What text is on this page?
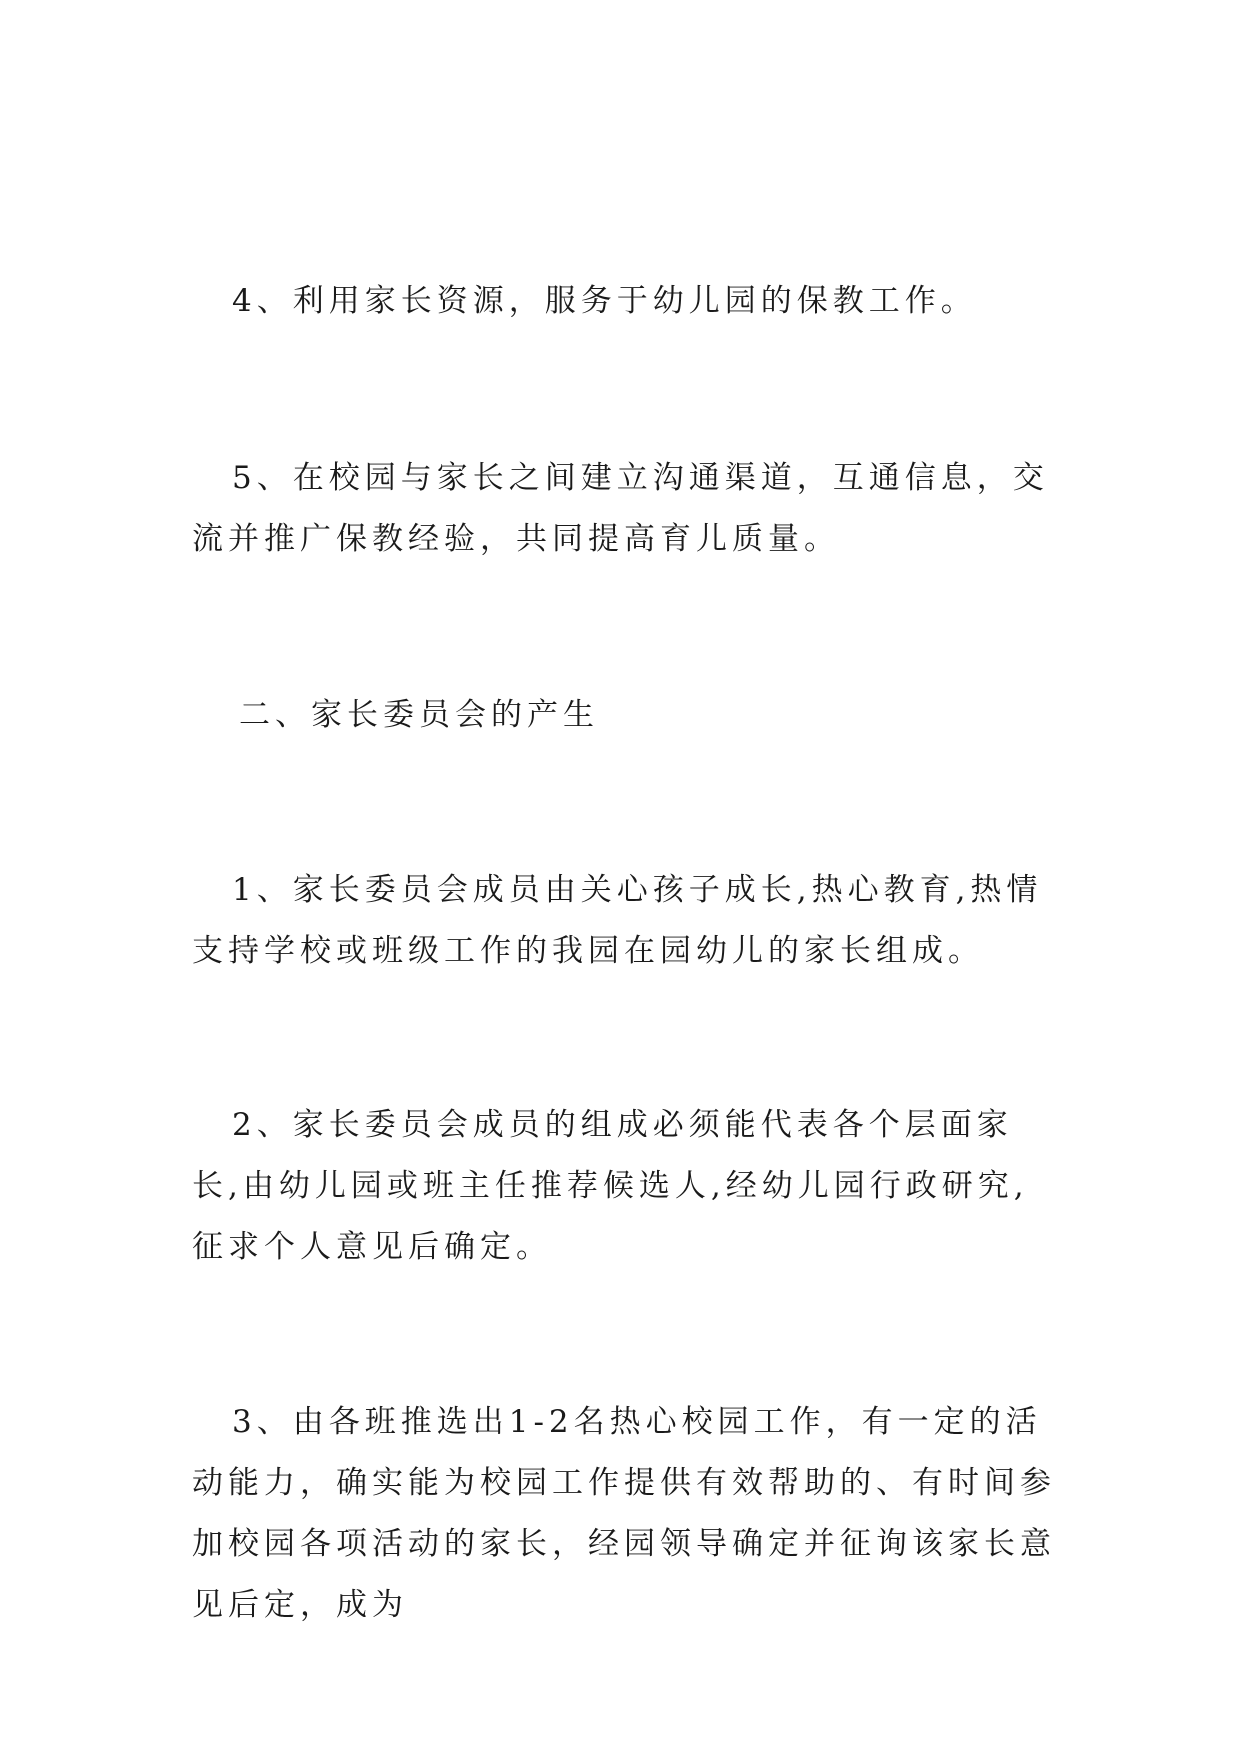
4、利用家长资源，服务于幼儿园的保教工作。

5、在校园与家长之间建立沟通渠道，互通信息，交流并推广保教经验，共同提高育儿质量。

二、家长委员会的产生

1、家长委员会成员由关心孩子成长,热心教育,热情支持学校或班级工作的我园在园幼儿的家长组成。

2、家长委员会成员的组成必须能代表各个层面家长,由幼儿园或班主任推荐候选人,经幼儿园行政研究,征求个人意见后确定。

3、由各班推选出1-2名热心校园工作，有一定的活动能力，确实能为校园工作提供有效帮助的、有时间参加校园各项活动的家长，经园领导确定并征询该家长意见后定，成为
